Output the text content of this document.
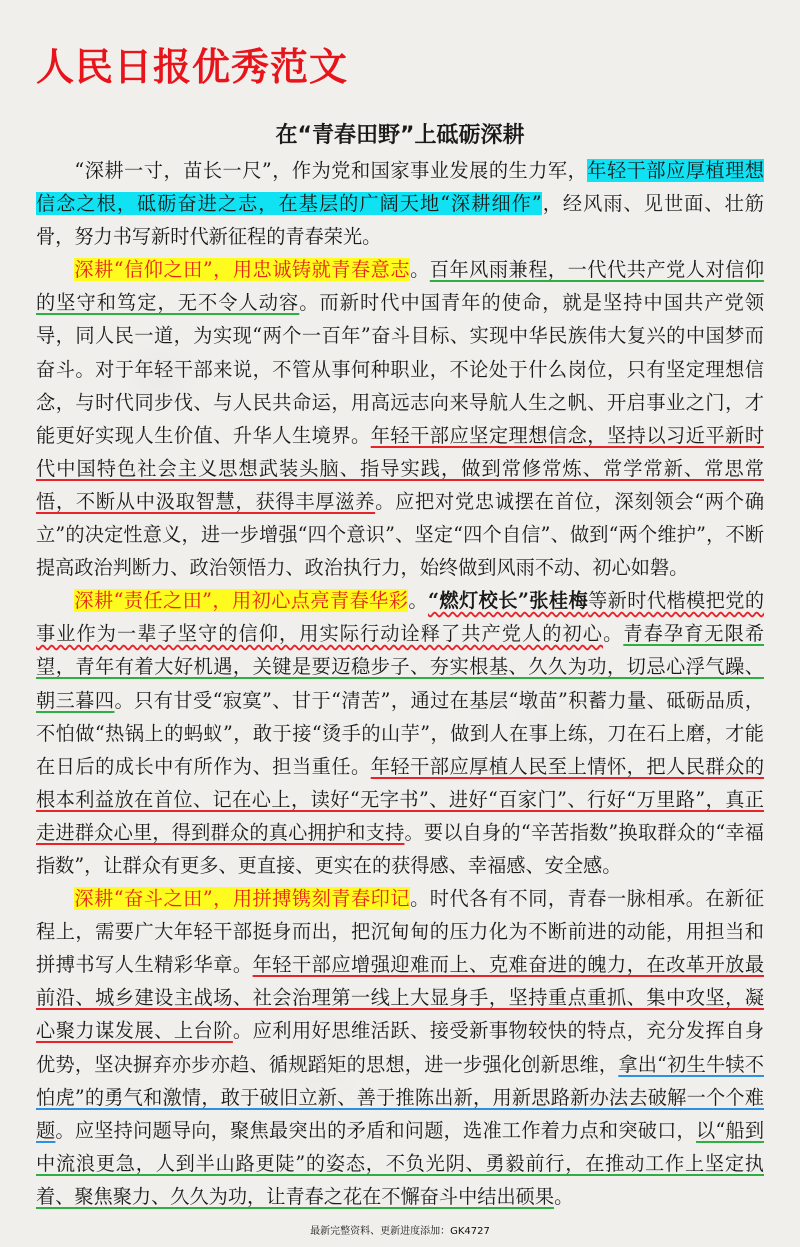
人民日报优秀范文
在“青春田野”上砥砺深耕

“深耕一寸，苗长一尺”，作为党和国家事业发展的生力军，年轻干部应厚植理想信念之根，砥砺奋进之志，在基层的广阔天地“深耕细作”，经风雨、见世面、壮筋骨，努力书写新时代新征程的青春荣光。

深耕“信仰之田”，用忠诚铸就青春意志。百年风雨兼程，一代代共产党人对信仰的坚守和笃定，无不令人动容。而新时代中国青年的使命，就是坚持中国共产党领导，同人民一道，为实现“两个一百年”奋斗目标、实现中华民族伟大复兴的中国梦而奋斗。对于年轻干部来说，不管从事何种职业，不论处于什么岗位，只有坚定理想信念，与时代同步伐、与人民共命运，用高远志向来导航人生之帆、开启事业之门，才能更好实现人生价值、升华人生境界。年轻干部应坚定理想信念，坚持以习近平新时代中国特色社会主义思想武装头脑、指导实践，做到常修常炼、常学常新、常思常悟，不断从中汲取智慧，获得丰厚滋养。应把对党忠诚摆在首位，深刻领会“两个确立”的决定性意义，进一步增强“四个意识”、坚定“四个自信”、做到“两个维护”，不断提高政治判断力、政治领悟力、政治执行力，始终做到风雨不动、初心如磐。

深耕“责任之田”，用初心点亮青春华彩。“燃灯校长”张桂梅等新时代楷模把党的事业作为一辈子坚守的信仰，用实际行动诠释了共产党人的初心。青春孕育无限希望，青年有着大好机遇，关键是要迈稳步子、夯实根基、久久为功，切忌心浮气躁、朝三暮四。只有甘受“寂寞”、甘于“清苦”，通过在基层“墩苗”积蓄力量、砥砺品质，不怕做“热锅上的蚂蚁”，敢于接“烫手的山芋”，做到人在事上练，刀在石上磨，才能在日后的成长中有所作为、担当重任。年轻干部应厚植人民至上情怀，把人民群众的根本利益放在首位、记在心上，读好“无字书”、进好“百家门”、行好“万里路”，真正走进群众心里，得到群众的真心拥护和支持。要以自身的“辛苦指数”换取群众的“幸福指数”，让群众有更多、更直接、更实在的获得感、幸福感、安全感。

深耕“奋斗之田”，用拼搏镌刻青春印记。时代各有不同，青春一脉相承。在新征程上，需要广大年轻干部挺身而出，把沉甸甸的压力化为不断前进的动能，用担当和拼搏书写人生精彩华章。年轻干部应增强迎难而上、克难奋进的魄力，在改革开放最前沿、城乡建设主战场、社会治理第一线上大显身手，坚持重点重抓、集中攻坚，凝心聚力谋发展、上台阶。应利用好思维活跃、接受新事物较快的特点，充分发挥自身优势，坚决摒弃亦步亦趋、循规蹈矩的思想，进一步强化创新思维，拿出“初生牛犊不怕虎”的勇气和激情，敢于破旧立新、善于推陈出新，用新思路新办法去破解一个个难题。应坚持问题导向，聚焦最突出的矛盾和问题，选准工作着力点和突破口，以“船到中流浪更急，人到半山路更陡”的姿态，不负光阴、勇毅前行，在推动工作上坚定执着、聚焦聚力、久久为功，让青春之花在不懈奋斗中结出硕果。

最新完整资料、更新进度添加：GK4727
